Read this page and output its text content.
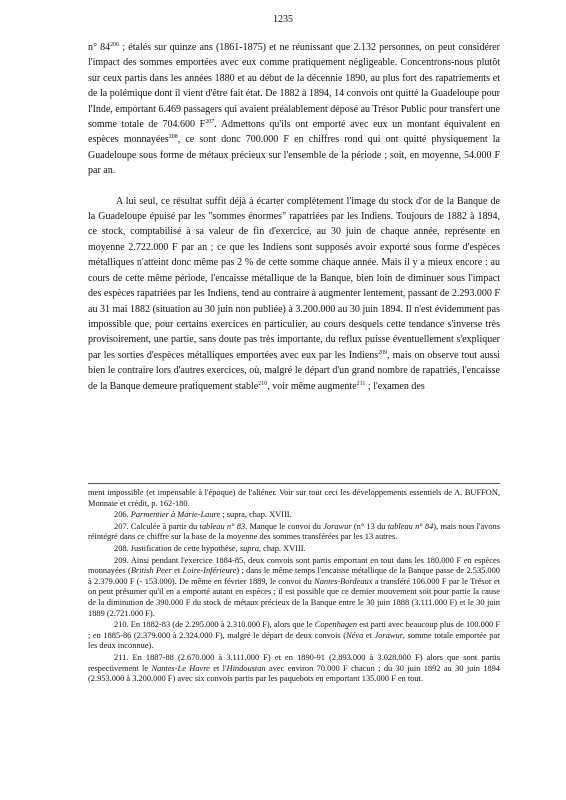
1235

n° $84^{206}$ ; étalés sur quinze ans (1861-1875) et ne réunissant que 2.132 personnes, on peut considérer l'impact des sommes emportées avec eux comme pratiquement négligeable. Concentrons-nous plutôt sur ceux partis dans les années 1880 et au début de la décennie 1890, au plus fort des rapatriements et de la polémique dont il vient d'être fait état. De 1882 à 1894, 14 convois ont quitté la Guadeloupe pour l'Inde, emportant 6.469 passagers qui avaient préalablement déposé au Trésor Public pour transfert une somme totale de 704.600 $F^{207}$. Admettons qu'ils ont emporté avec eux un montant équivalent en espèces monnayées$^{208}$, ce sont donc 700.000 F en chiffres rond qui ont quitté physiquement la Guadeloupe sous forme de métaux précieux sur l'ensemble de la période ; soit, en moyenne, 54.000 F par an.

A lui seul, ce résultat suffit déjà à écarter complètement l'image du stock d'or de la Banque de la Guadeloupe épuisé par les "sommes énormes" rapatriées par les Indiens. Toujours de 1882 à 1894, ce stock, comptabilisé à sa valeur de fin d'exercice, au 30 juin de chaque année, représente en moyenne 2.722.000 F par an ; ce que les Indiens sont supposés avoir exporté sous forme d'espèces métalliques n'atteint donc même pas 2 % de cette somme chaque année. Mais il y a mieux encore : au cours de cette même période, l'encaisse métallique de la Banque, bien loin de diminuer sous l'impact des espèces rapatriées par les Indiens, tend au contraire à augmenter lentement, passant de 2.293.000 F au 31 mai 1882 (situation au 30 juin non publiée) à 3.200.000 au 30 juin 1894. Il n'est évidemment pas impossible que, pour certains exercices en particulier, au cours desquels cette tendance s'inverse très provisoirement, une partie, sans doute pas très importante, du reflux puisse éventuellement s'expliquer par les sorties d'espèces métalliques emportées avec eux par les Indiens$^{209}$, mais on observe tout aussi bien le contraire lors d'autres exercices, où, malgré le départ d'un grand nombre de rapatriés, l'encaisse de la Banque demeure pratiquement stable$^{210}$, voir même augmente$^{211}$ ; l'examen des

ment impossible (et impensable à l'époque) de l'aliéner. Voir sur tout ceci les développements essentiels de A. BUFFON, Monnaie et crédit, p. 162-180.

206. Parmentier à Marie-Laure ; supra, chap. XVIII.

207. Calculée à partir du tableau n° 83. Manque le convoi du Jorawur (n° 13 du tableau n° 84), mais nous l'avons réintégré dans ce chiffre sur la base de la moyenne des sommes transférées par les 13 autres.

208. Justification de cette hypothèse, supra, chap. XVIII.

209. Ainsi pendant l'exercice 1884-85, deux convois sont partis emportant en tout dans les 180.000 F en espèces monnayées (British Peer et Loire-Inférieure) ; dans le même temps l'encaisse métallique de la Banque passe de 2.535.000 à 2.379.000 F (- 153.000). De même en février 1889, le convoi du Nantes-Bordeaux a transféré 106.000 F par le Trésor et on peut présumer qu'il en a emporté autant en espèces ; il est possible que ce dernier mouvement soit pour partie la cause de la diminution de 390.000 F du stock de métaux précieux de la Banque entre le 30 juin 1888 (3.111.000 F) et le 30 juin 1889 (2.721.000 F).

210. En 1882-83 (de 2.295.000 à 2.310.000 F), alors que le Copenhagen est parti avec beaucoup plus de 100.000 F ; en 1885-86 (2.379.000 à 2.324.000 F), malgré le départ de deux convois (Néva et Jorawur, somme totale emportée par les deux inconnue).

211. En 1887-88 (2.670.000 à 3.111.000 F) et en 1890-91 (2.893.000 à 3.028.000 F) alors que sont partis respectivement le Nantes-Le Havre et l'Hindoustan avec environ 70.000 F chacun ; du 30 juin 1892 au 30 juin 1894 (2.953.000 à 3.200.000 F) avec six convois partis par les paquebots en emportant 135.000 F en tout.
